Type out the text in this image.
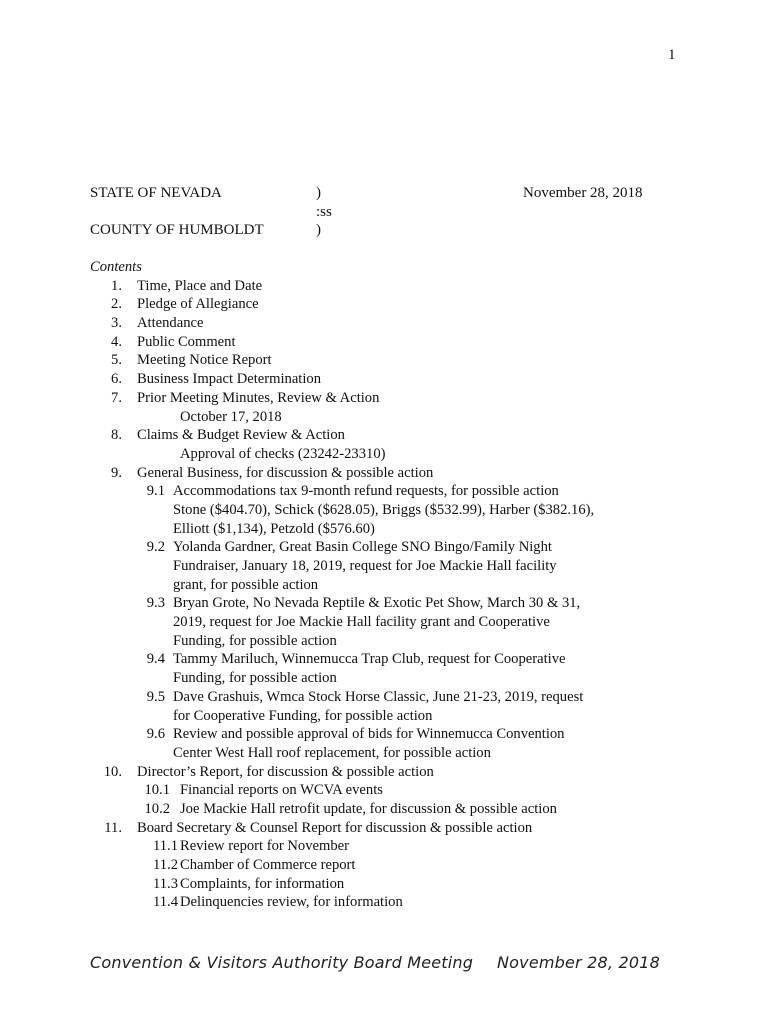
1
STATE OF NEVADA	)	November 28, 2018
:ss
COUNTY OF HUMBOLDT	)
Contents
1. Time, Place and Date
2. Pledge of Allegiance
3. Attendance
4. Public Comment
5. Meeting Notice Report
6. Business Impact Determination
7. Prior Meeting Minutes, Review & Action
October 17, 2018
8. Claims & Budget Review & Action
Approval of checks (23242-23310)
9. General Business, for discussion & possible action
9.1 Accommodations tax 9-month refund requests, for possible action
Stone ($404.70), Schick ($628.05), Briggs ($532.99), Harber ($382.16),
Elliott ($1,134), Petzold ($576.60)
9.2 Yolanda Gardner, Great Basin College SNO Bingo/Family Night
Fundraiser, January 18, 2019, request for Joe Mackie Hall facility
grant, for possible action
9.3 Bryan Grote, No Nevada Reptile & Exotic Pet Show, March 30 & 31,
2019, request for Joe Mackie Hall facility grant and Cooperative
Funding, for possible action
9.4 Tammy Mariluch, Winnemucca Trap Club, request for Cooperative
Funding, for possible action
9.5 Dave Grashuis, Wmca Stock Horse Classic, June 21-23, 2019, request
for Cooperative Funding, for possible action
9.6 Review and possible approval of bids for Winnemucca Convention
Center West Hall roof replacement, for possible action
10. Director’s Report, for discussion & possible action
10.1 Financial reports on WCVA events
10.2 Joe Mackie Hall retrofit update, for discussion & possible action
11. Board Secretary & Counsel Report for discussion & possible action
11.1 Review report for November
11.2 Chamber of Commerce report
11.3 Complaints, for information
11.4 Delinquencies review, for information
Convention & Visitors Authority Board Meeting November 28, 2018
